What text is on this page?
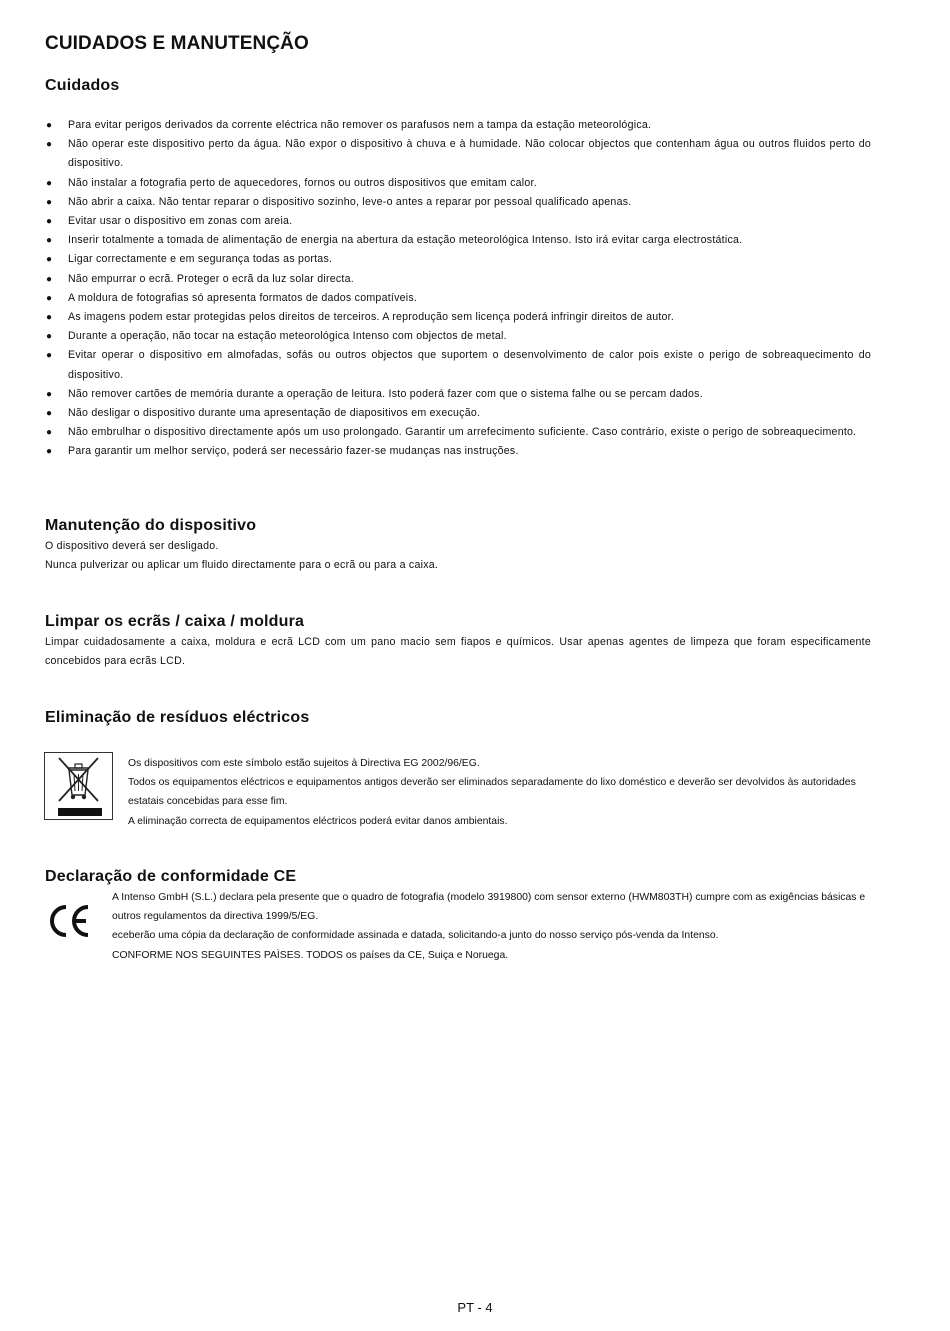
CUIDADOS E MANUTENÇÃO
Cuidados
● Para evitar perigos derivados da corrente eléctrica não remover os parafusos nem a tampa da estação meteorológica.
● Não operar este dispositivo perto da água. Não expor o dispositivo à chuva e à humidade. Não colocar objectos que contenham água ou outros fluidos perto do dispositivo.
● Não instalar a fotografia perto de aquecedores, fornos ou outros dispositivos que emitam calor.
● Não abrir a caixa. Não tentar reparar o dispositivo sozinho, leve-o antes a reparar por pessoal qualificado apenas.
● Evitar usar o dispositivo em zonas com areia.
● Inserir totalmente a tomada de alimentação de energia na abertura da estação meteorológica Intenso. Isto irá evitar carga electrostática.
● Ligar correctamente e em segurança todas as portas.
● Não empurrar o ecrã. Proteger o ecrã da luz solar directa.
● A moldura de fotografias só apresenta formatos de dados compatíveis.
● As imagens podem estar protegidas pelos direitos de terceiros. A reprodução sem licença poderá infringir direitos de autor.
● Durante a operação, não tocar na estação meteorológica Intenso com objectos de metal.
● Evitar operar o dispositivo em almofadas, sofás ou outros objectos que suportem o desenvolvimento de calor pois existe o perigo de sobreaquecimento do dispositivo.
● Não remover cartões de memória durante a operação de leitura. Isto poderá fazer com que o sistema falhe ou se percam dados.
● Não desligar o dispositivo durante uma apresentação de diapositivos em execução.
● Não embrulhar o dispositivo directamente após um uso prolongado. Garantir um arrefecimento suficiente. Caso contrário, existe o perigo de sobreaquecimento.
● Para garantir um melhor serviço, poderá ser necessário fazer-se mudanças nas instruções.
Manutenção do dispositivo

O dispositivo deverá ser desligado.

Nunca pulverizar ou aplicar um fluido directamente para o ecrã ou para a caixa.

Limpar os ecrãs / caixa / moldura

Limpar cuidadosamente a caixa, moldura e ecrã LCD com um pano macio sem fiapos e químicos. Usar apenas agentes de limpeza que foram especificamente concebidos para ecrãs LCD.

Eliminação de resíduos eléctricos

Os dispositivos com este símbolo estão sujeitos à Directiva EG 2002/96/EG.

Todos os equipamentos eléctricos e equipamentos antigos deverão ser eliminados separadamente do lixo doméstico e deverão ser devolvidos às autoridades estatais concebidas para esse fim.

A eliminação correcta de equipamentos eléctricos poderá evitar danos ambientais.

Declaração de conformidade CE

A Intenso GmbH (S.L.) declara pela presente que o quadro de fotografia (modelo 3919800) com sensor externo (HWM803TH) cumpre com as exigências básicas e outros regulamentos da directiva 1999/5/EG.

eceberão uma cópia da declaração de conformidade assinada e datada, solicitando-a junto do nosso serviço pós-venda da Intenso.

CONFORME NOS SEGUINTES PAÌSES. TODOS os países da CE, Suiça e Noruega.

PT - 4
